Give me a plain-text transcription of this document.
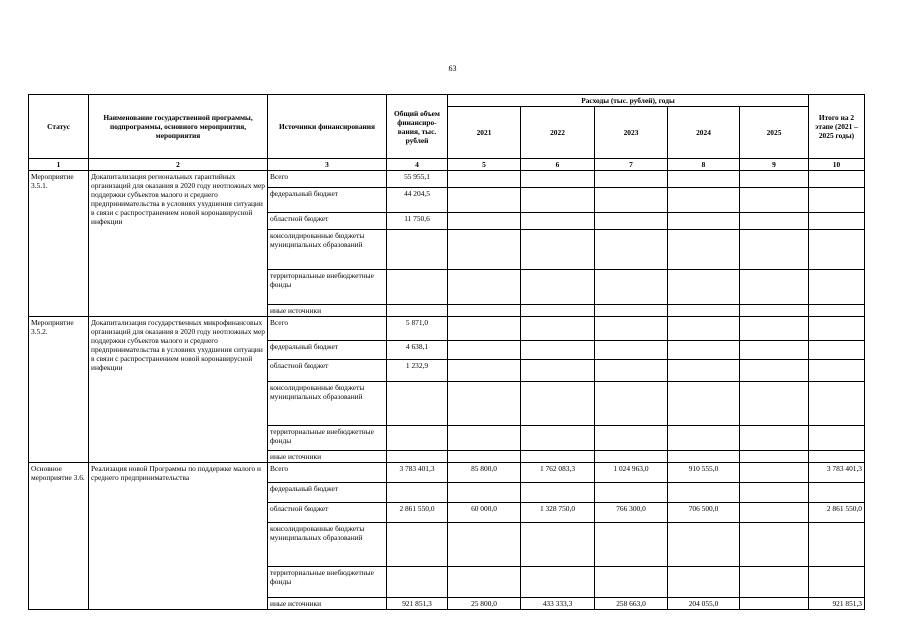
63
Статус	Наименование государственной программы, подпрограммы, основного мероприятия, мероприятия	Источники финансирования	Общий объем финансиро-вания, тыс. рублей	Расходы (тыс. рублей), годы					Итого на 2 этапе (2021 – 2025 годы)
				2021	2022	2023	2024	2025	
1	2	3	4	5	6	7	8	9	10
Мероприятие 3.5.1.	Докапитализация региональных гарантийных организаций для оказания в 2020 году неотложных мер поддержки субъектов малого и среднего предпринимательства в условиях ухудшения ситуации в связи с распространением новой коронавирусной инфекции	Всего	55 955,1						
		федеральный бюджет	44 204,5						
		областной бюджет	11 750,6						
		консолидированные бюджеты муниципальных образований							
		территориальные внебюджетные фонды							
		иные источники							
Мероприятие 3.5.2.	Докапитализация государственных микрофинансовых организаций для оказания в 2020 году неотложных мер поддержки субъектов малого и среднего предпринимательства в условиях ухудшения ситуации в связи с распространением новой коронавирусной инфекции	Всего	5 871,0						
		федеральный бюджет	4 638,1						
		областной бюджет	1 232,9						
		консолидированные бюджеты муниципальных образований							
		территориальные внебюджетные фонды							
		иные источники							
Основное мероприятие 3.6.	Реализация новой Программы по поддержке малого и среднего предпринимательства	Всего	3 783 401,3	85 800,0	1 762 083,3	1 024 963,0	910 555,0		3 783 401,3
		федеральный бюджет							
		областной бюджет	2 861 550,0	60 000,0	1 328 750,0	766 300,0	706 500,0		2 861 550,0
		консолидированные бюджеты муниципальных образований							
		территориальные внебюджетные фонды							
		иные источники	921 851,3	25 800,0	433 333,3	258 663,0	204 055,0		921 851,3
